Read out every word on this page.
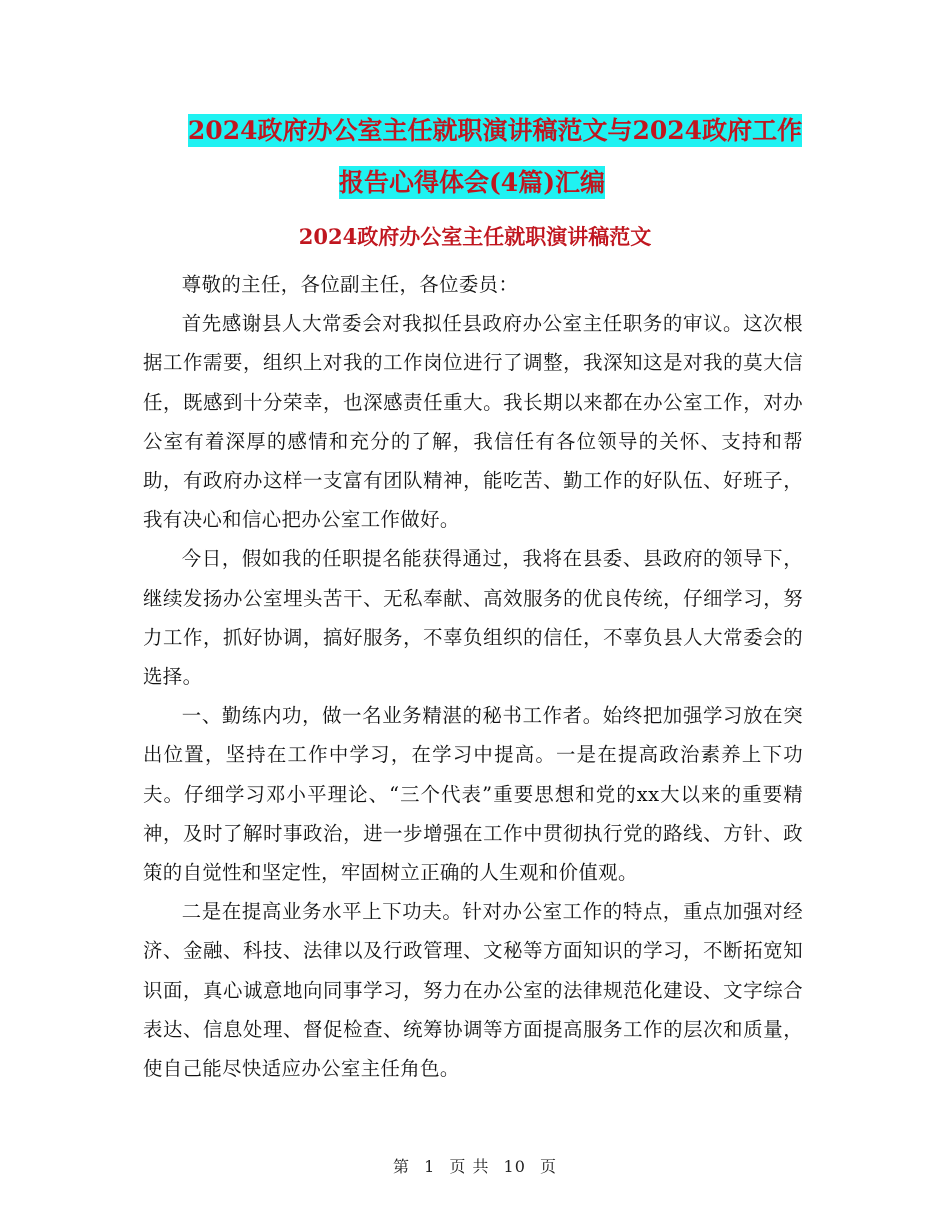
2024政府办公室主任就职演讲稿范文与2024政府工作
报告心得体会(4篇)汇编
2024政府办公室主任就职演讲稿范文

尊敬的主任，各位副主任，各位委员：

首先感谢县人大常委会对我拟任县政府办公室主任职务的审议。这次根据工作需要，组织上对我的工作岗位进行了调整，我深知这是对我的莫大信任，既感到十分荣幸，也深感责任重大。我长期以来都在办公室工作，对办公室有着深厚的感情和充分的了解，我信任有各位领导的关怀、支持和帮助，有政府办这样一支富有团队精神，能吃苦、勤工作的好队伍、好班子，我有决心和信心把办公室工作做好。

今日，假如我的任职提名能获得通过，我将在县委、县政府的领导下，继续发扬办公室埋头苦干、无私奉献、高效服务的优良传统，仔细学习，努力工作，抓好协调，搞好服务，不辜负组织的信任，不辜负县人大常委会的选择。

一、勤练内功，做一名业务精湛的秘书工作者。始终把加强学习放在突出位置，坚持在工作中学习，在学习中提高。一是在提高政治素养上下功夫。仔细学习邓小平理论、“三个代表”重要思想和党的xx大以来的重要精神，及时了解时事政治，进一步增强在工作中贯彻执行党的路线、方针、政策的自觉性和坚定性，牢固树立正确的人生观和价值观。

二是在提高业务水平上下功夫。针对办公室工作的特点，重点加强对经济、金融、科技、法律以及行政管理、文秘等方面知识的学习，不断拓宽知识面，真心诚意地向同事学习，努力在办公室的法律规范化建设、文字综合表达、信息处理、督促检查、统筹协调等方面提高服务工作的层次和质量，使自己能尽快适应办公室主任角色。

第 1 页 共 10 页
